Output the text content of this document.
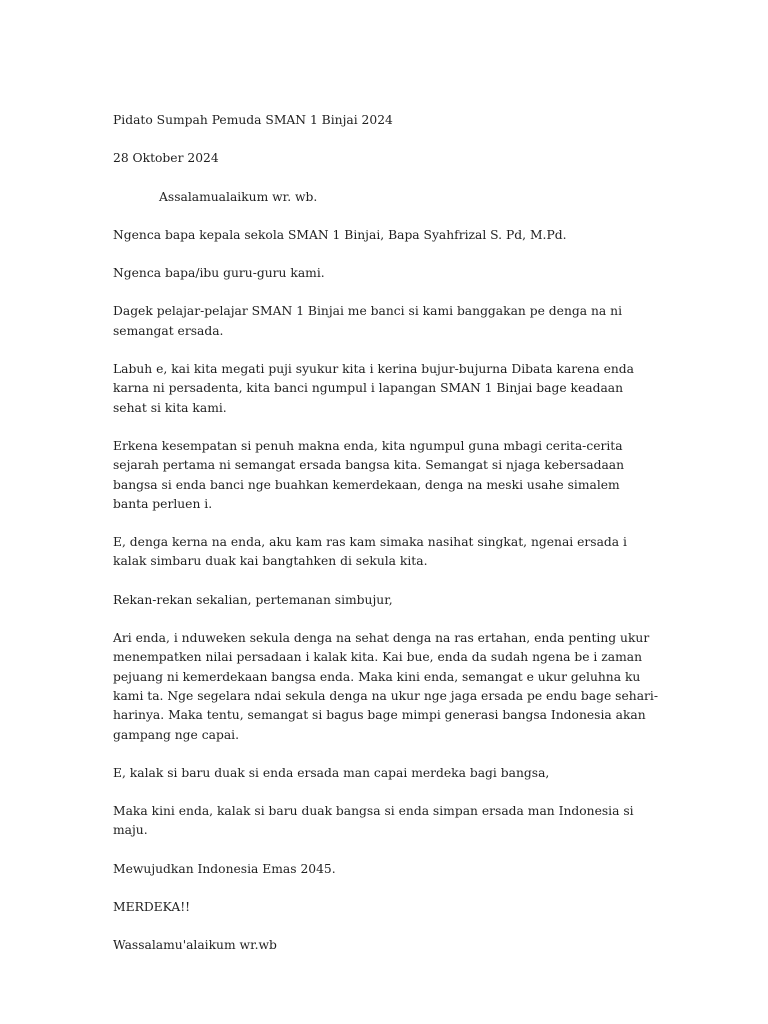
Pidato Sumpah Pemuda SMAN 1 Binjai 2024

28 Oktober 2024

Assalamualaikum wr. wb.

Ngenca bapa kepala sekola SMAN 1 Binjai, Bapa Syahfrizal S. Pd, M.Pd.

Ngenca bapa/ibu guru-guru kami.

Dagek pelajar-pelajar SMAN 1 Binjai me banci si kami banggakan pe denga na ni semangat ersada.

Labuh e, kai kita megati puji syukur kita i kerina bujur-bujurna Dibata karena enda karna ni persadenta, kita banci ngumpul i lapangan SMAN 1 Binjai bage keadaan sehat si kita kami.

Erkena kesempatan si penuh makna enda, kita ngumpul guna mbagi cerita-cerita sejarah pertama ni semangat ersada bangsa kita. Semangat si njaga kebersadaan bangsa si enda banci nge buahkan kemerdekaan, denga na meski usahe simalem banta perluen i.

E, denga kerna na enda, aku kam ras kam simaka nasihat singkat, ngenai ersada i kalak simbaru duak kai bangtahken di sekula kita.

Rekan-rekan sekalian, pertemanan simbujur,

Ari enda, i nduweken sekula denga na sehat denga na ras ertahan, enda penting ukur menempatken nilai persadaan i kalak kita. Kai bue, enda da sudah ngena be i zaman pejuang ni kemerdekaan bangsa enda. Maka kini enda, semangat e ukur geluhna ku kami ta. Nge segelara ndai sekula denga na ukur nge jaga ersada pe endu bage sehari-harinya. Maka tentu, semangat si bagus bage mimpi generasi bangsa Indonesia akan gampang nge capai.

E, kalak si baru duak si enda ersada man capai merdeka bagi bangsa,

Maka kini enda, kalak si baru duak bangsa si enda simpan ersada man Indonesia si maju.

Mewujudkan Indonesia Emas 2045.

MERDEKA!!

Wassalamu'alaikum wr.wb
